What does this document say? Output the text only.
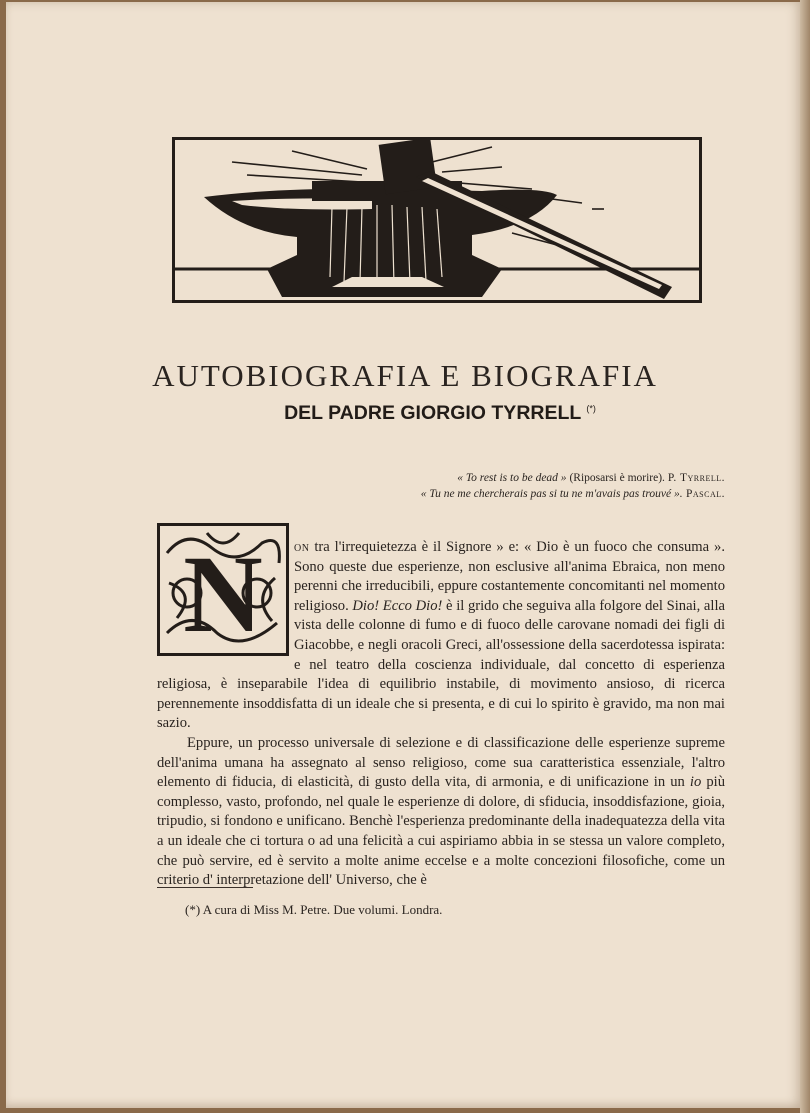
AUTOBIOGRAFIA E BIOGRAFIA
DEL PADRE GIORGIO TYRRELL (*)
« To rest is to be dead » (Riposarsi è morire). P. Tyrrell.
« Tu ne me chercherais pas si tu ne m'avais pas trouvé ». Pascal.
N	on tra l'irrequietezza è il Signore » e: « Dio è un fuoco che consuma ». Sono queste due esperienze, non esclusive all'anima Ebraica, non meno perenni che irreducibili, eppure costantemente concomitanti nel momento religioso. Dio! Ecco Dio! è il grido che seguiva alla folgore del Sinai, alla vista delle colonne di fumo e di fuoco delle carovane nomadi dei figli di Giacobbe, e negli oracoli Greci, all'ossessione della sacerdotessa ispirata: e nel teatro della coscienza individuale, dal concetto di esperienza religiosa, è inseparabile l'idea di equilibrio instabile, di movimento ansioso, di ricerca perennemente insoddisfatta di un ideale che si presenta, e di cui lo spirito è gravido, ma non mai sazio.

Eppure, un processo universale di selezione e di classificazione delle esperienze supreme dell'anima umana ha assegnato al senso religioso, come sua caratteristica essenziale, l'altro elemento di fiducia, di elasticità, di gusto della vita, di armonia, e di unificazione in un io più complesso, vasto, profondo, nel quale le esperienze di dolore, di sfiducia, insoddisfazione, gioia, tripudio, si fondono e unificano. Benchè l'esperienza predominante della inadequatezza della vita a un ideale che ci tortura o ad una felicità a cui aspiriamo abbia in se stessa un valore completo, che può servire, ed è servito a molte anime eccelse e a molte concezioni filosofiche, come un criterio d' interpretazione dell' Universo, che è

(*) A cura di Miss M. Petre. Due volumi. Londra.
